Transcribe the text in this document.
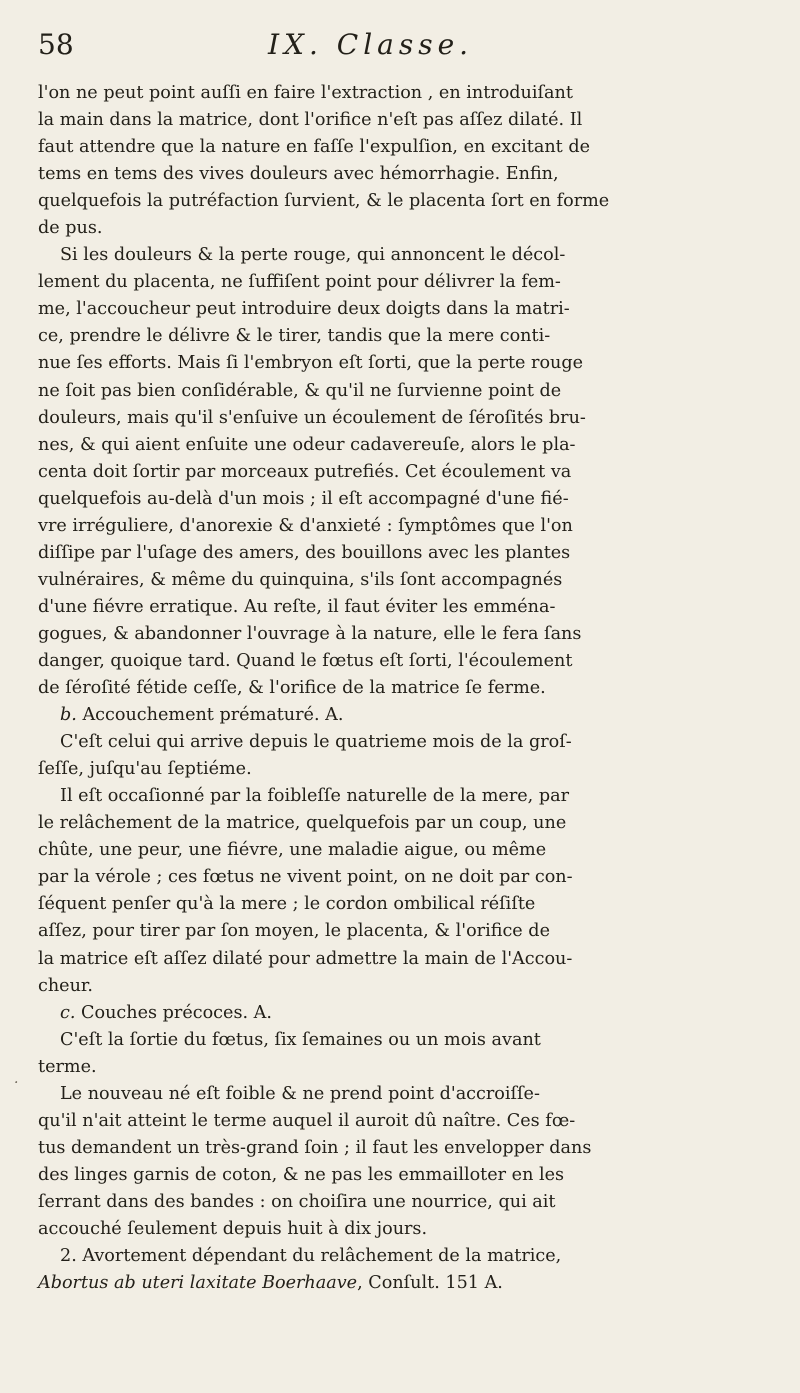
58	IX. Classe.
l'on ne peut point auſſi en faire l'extraction , en introduiſant
la main dans la matrice, dont l'orifice n'eſt pas aſſez dilaté. Il
faut attendre que la nature en faſſe l'expulſion, en excitant de
tems en tems des vives douleurs avec hémorrhagie. Enfin,
quelquefois la putréfaction ſurvient, & le placenta ſort en forme
de pus.
Si les douleurs & la perte rouge, qui annoncent le décol-
lement du placenta, ne ſuffiſent point pour délivrer la fem-
me, l'accoucheur peut introduire deux doigts dans la matri-
ce, prendre le délivre & le tirer, tandis que la mere conti-
nue ſes efforts. Mais ſi l'embryon eſt ſorti, que la perte rouge
ne ſoit pas bien conſidérable, & qu'il ne ſurvienne point de
douleurs, mais qu'il s'enſuive un écoulement de ſéroſités bru-
nes, & qui aient enſuite une odeur cadavereuſe, alors le pla-
centa doit ſortir par morceaux putrefiés. Cet écoulement va
quelquefois au-delà d'un mois ; il eſt accompagné d'une fié-
vre irréguliere, d'anorexie & d'anxieté : ſymptômes que l'on
diſſipe par l'uſage des amers, des bouillons avec les plantes
vulnéraires, & même du quinquina, s'ils ſont accompagnés
d'une fiévre erratique. Au reſte, il faut éviter les emména-
gogues, & abandonner l'ouvrage à la nature, elle le fera ſans
danger, quoique tard. Quand le fœtus eſt ſorti, l'écoulement
de ſéroſité fétide ceſſe, & l'orifice de la matrice ſe ferme.
b. Accouchement prématuré. A.
C'eſt celui qui arrive depuis le quatrieme mois de la groſ-
ſeſſe, juſqu'au ſeptiéme.
Il eſt occaſionné par la foibleſſe naturelle de la mere, par
le relâchement de la matrice, quelquefois par un coup, une
chûte, une peur, une fiévre, une maladie aigue, ou même
par la vérole ; ces fœtus ne vivent point, on ne doit par con-
ſéquent penſer qu'à la mere ; le cordon ombilical réſiſte
aſſez, pour tirer par ſon moyen, le placenta, & l'orifice de
la matrice eſt aſſez dilaté pour admettre la main de l'Accou-
cheur.
c. Couches précoces. A.
C'eſt la ſortie du fœtus, ſix ſemaines ou un mois avant
terme.
Le nouveau né eſt foible & ne prend point d'accroiſſe-
qu'il n'ait atteint le terme auquel il auroit dû naître. Ces fœ-
tus demandent un très-grand ſoin ; il faut les envelopper dans
des linges garnis de coton, & ne pas les emmailloter en les
ſerrant dans des bandes : on choiſira une nourrice, qui ait
accouché ſeulement depuis huit à dix jours.
2. Avortement dépendant du relâchement de la matrice,
Abortus ab uteri laxitate Boerhaave, Conſult. 151 A.
·
